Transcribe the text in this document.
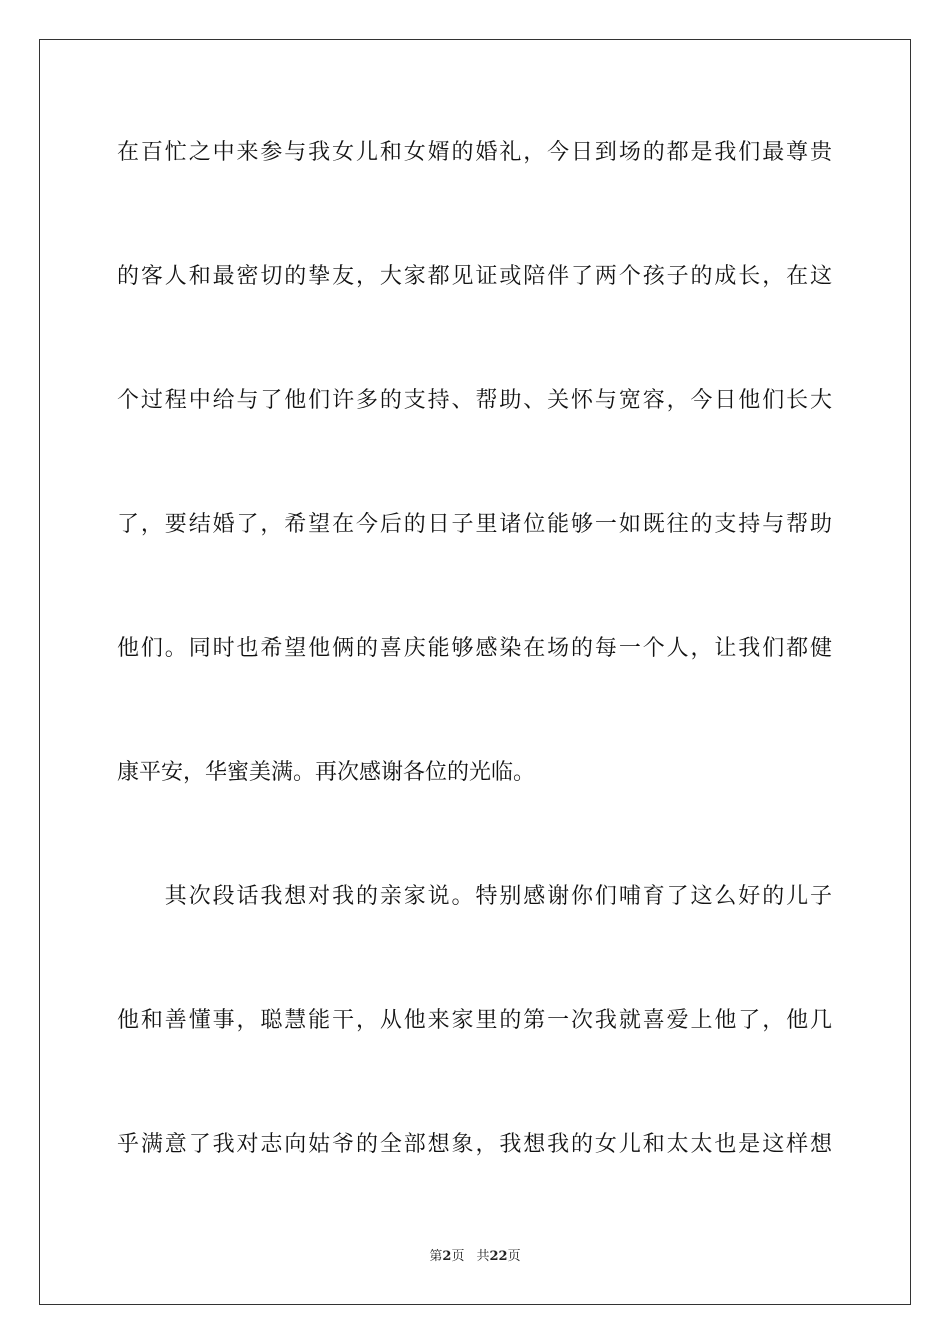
在百忙之中来参与我女儿和女婿的婚礼，今日到场的都是我们最尊贵
的客人和最密切的挚友，大家都见证或陪伴了两个孩子的成长，在这
个过程中给与了他们许多的支持、帮助、关怀与宽容，今日他们长大
了，要结婚了，希望在今后的日子里诸位能够一如既往的支持与帮助
他们。同时也希望他俩的喜庆能够感染在场的每一个人，让我们都健
康平安，华蜜美满。再次感谢各位的光临。
　　其次段话我想对我的亲家说。特别感谢你们哺育了这么好的儿子
他和善懂事，聪慧能干，从他来家里的第一次我就喜爱上他了，他几
乎满意了我对志向姑爷的全部想象，我想我的女儿和太太也是这样想
第2页 共22页
